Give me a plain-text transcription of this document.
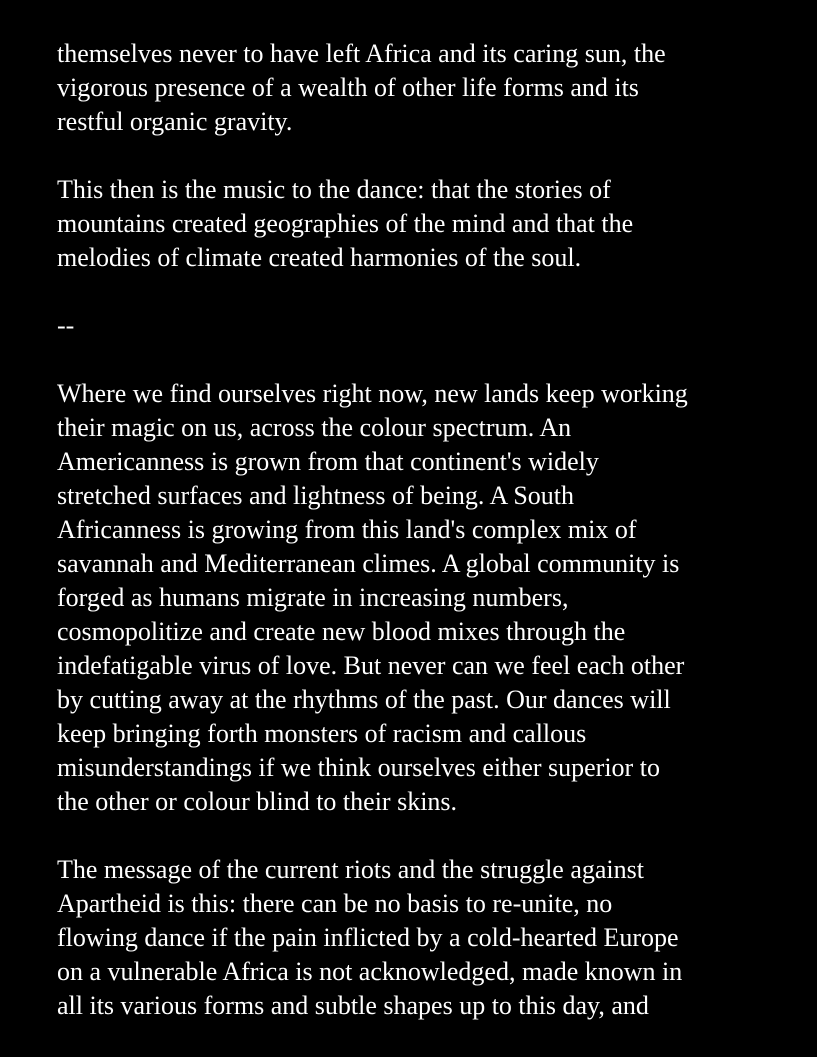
themselves never to have left Africa and its caring sun, the
vigorous presence of a wealth of other life forms and its
restful organic gravity.

This then is the music to the dance: that the stories of
mountains created geographies of the mind and that the
melodies of climate created harmonies of the soul.

--

Where we find ourselves right now, new lands keep working
their magic on us, across the colour spectrum. An
Americanness is grown from that continent's widely
stretched surfaces and lightness of being. A South
Africanness is growing from this land's complex mix of
savannah and Mediterranean climes. A global community is
forged as humans migrate in increasing numbers,
cosmopolitize and create new blood mixes through the
indefatigable virus of love. But never can we feel each other
by cutting away at the rhythms of the past. Our dances will
keep bringing forth monsters of racism and callous
misunderstandings if we think ourselves either superior to
the other or colour blind to their skins.

The message of the current riots and the struggle against
Apartheid is this: there can be no basis to re-unite, no
flowing dance if the pain inflicted by a cold-hearted Europe
on a vulnerable Africa is not acknowledged, made known in
all its various forms and subtle shapes up to this day, and
